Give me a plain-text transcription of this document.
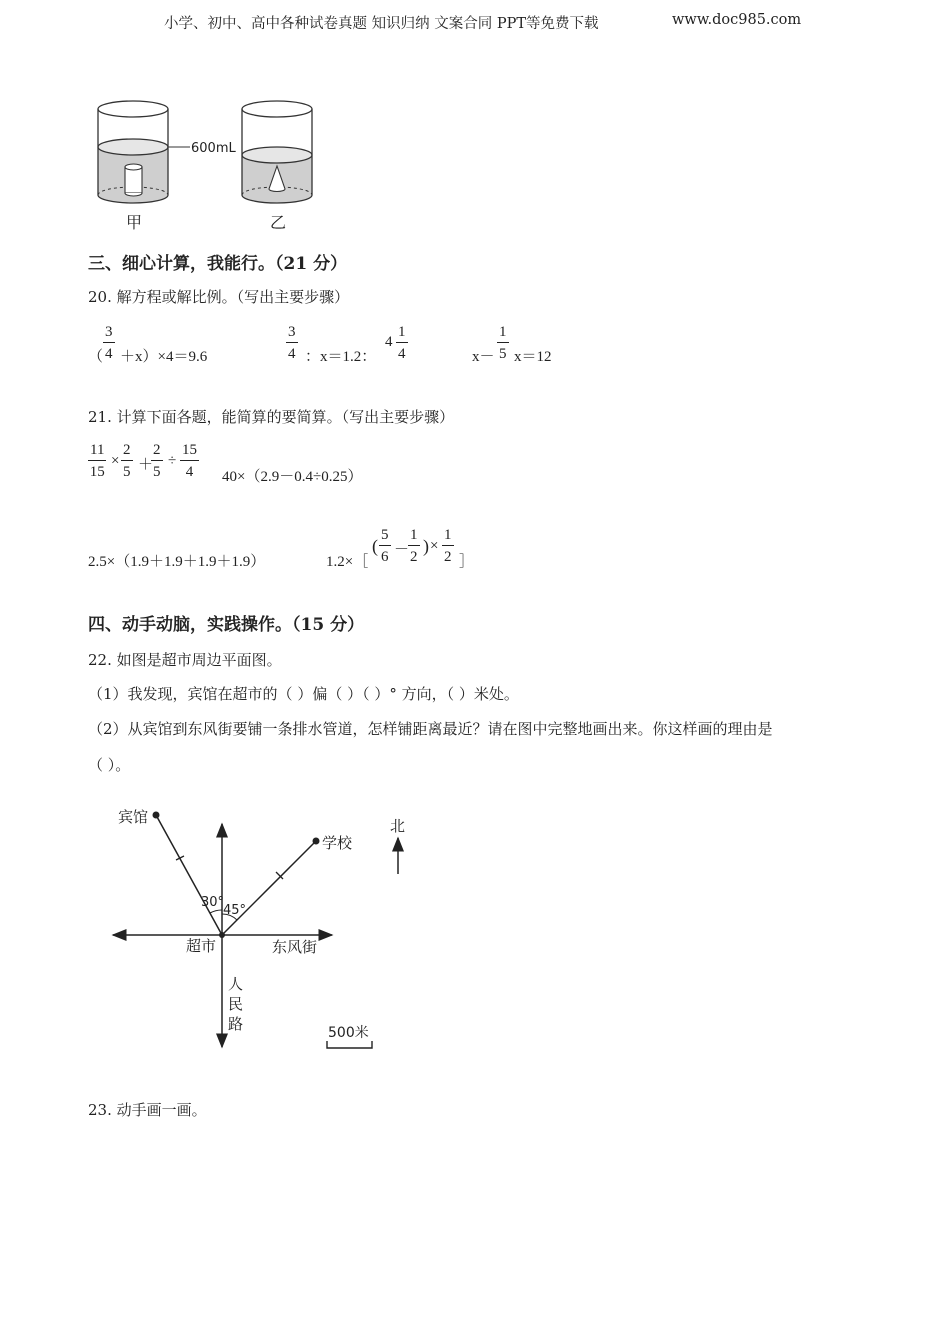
小学、初中、高中各种试卷真题 知识归纳 文案合同 PPT等免费下载	www.doc985.com
600mL
甲	乙
三、细心计算，我能行。（21 分）
20. 解方程或解比例。（写出主要步骤）
（ $\frac{3}{4} +x)\times 4=9.6$	$\frac{3}{4}$ ：x＝1.2：
$4 \frac{1}{4}$	$x- \frac{1}{5} x=12$
21. 计算下面各题，能简算的要简算。（写出主要步骤）
$\frac{11}{15} \times \frac{2}{5}$ ＋
$\frac{2}{5} \div \frac{15}{4} 40\times(2.9-0.4\div 0.25)$
2.5×（1.9＋1.9＋1.9＋1.9）	1.2×［
( $\frac{5}{6}$ －
$\frac{1}{2}$ ) × $\frac{1}{2}$ ］
四、动手动脑，实践操作。（15 分）
22. 如图是超市周边平面图。
（1）我发现，宾馆在超市的（ ）偏（ ）（ ）° 方向，（ ）米处。
（2）从宾馆到东风街要铺一条排水管道，怎样铺距离最近？请在图中完整地画出来。你这样画的理由是
（ ）。
宾馆
学校
北
30°
45°
超市	东风街
人
民
路	500米
23. 动手画一画。
